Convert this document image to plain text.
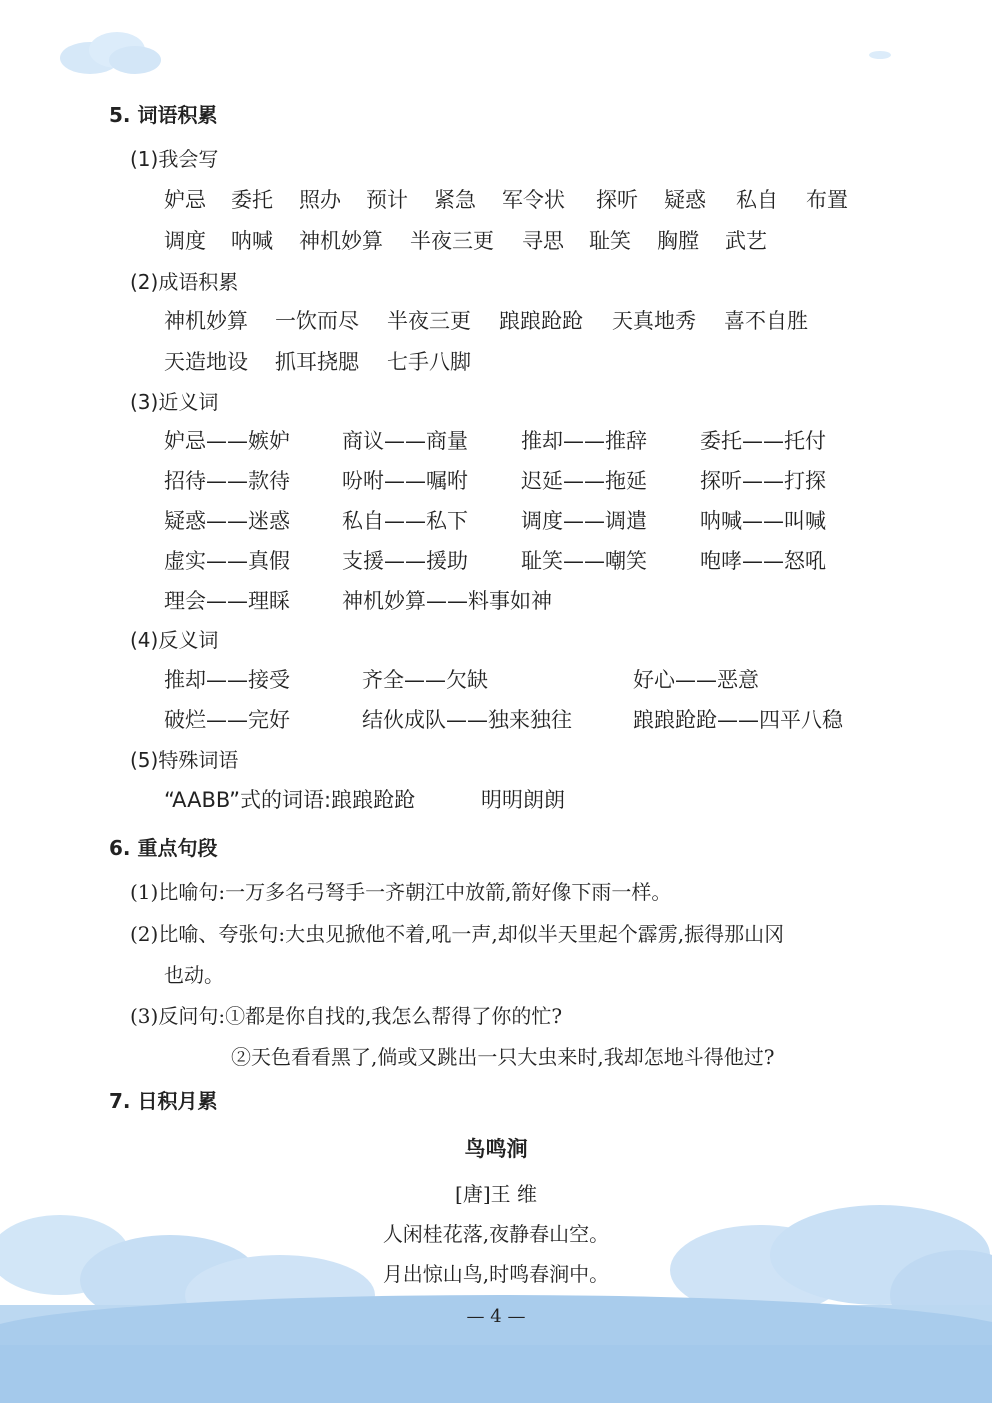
5. 词语积累
(1)我会写
妒忌 委托 照办 预计 紧急 军令状 探听 疑惑 私自 布置
调度 呐喊 神机妙算 半夜三更 寻思 耻笑 胸膛 武艺
(2)成语积累
神机妙算 一饮而尽 半夜三更 踉踉跄跄 天真地秀 喜不自胜
天造地设 抓耳挠腮 七手八脚
(3)近义词
妒忌——嫉妒 商议——商量	推却——推辞	委托——托付
招待——款待 吩咐——嘱咐	迟延——拖延	探听——打探
疑惑——迷惑 私自——私下	调度——调遣	呐喊——叫喊
虚实——真假 支援——援助	耻笑——嘲笑	咆哮——怒吼
理会——理睬 神机妙算——料事如神
(4)反义词
推却——接受	齐全——欠缺	好心——恶意
破烂——完好	结伙成队——独来独往	踉踉跄跄——四平八稳
(5)特殊词语
“AABB”式的词语:踉踉跄跄	明明朗朗
6. 重点句段
(1)比喻句:一万多名弓弩手一齐朝江中放箭,箭好像下雨一样。
(2)比喻、夸张句:大虫见掀他不着,吼一声,却似半天里起个霹雳,振得那山冈
也动。
(3)反问句:①都是你自找的,我怎么帮得了你的忙?
②天色看看黑了,倘或又跳出一只大虫来时,我却怎地斗得他过?
7. 日积月累
鸟鸣涧
[唐]王 维
人闲桂花落,夜静春山空。
月出惊山鸟,时鸣春涧中。
— 4 —
